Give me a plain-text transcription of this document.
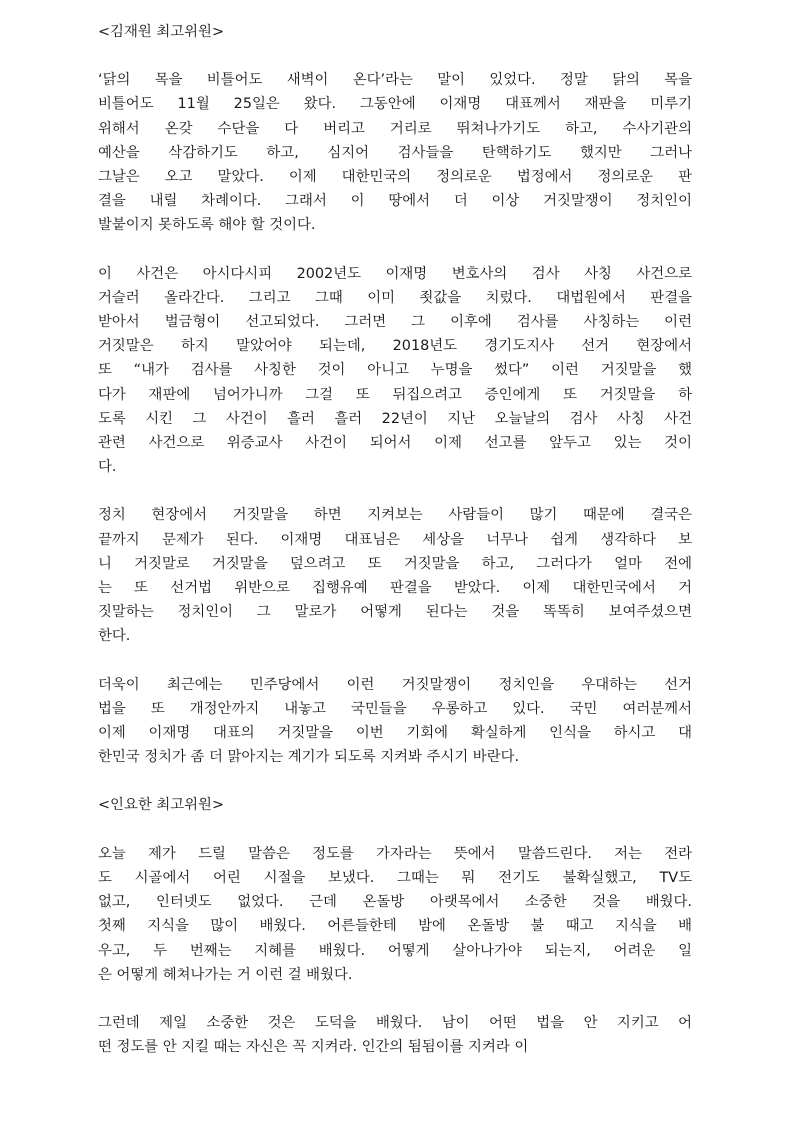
<김재원 최고위원>

‘닭의 목을 비틀어도 새벽이 온다’라는 말이 있었다. 정말 닭의 목을

비틀어도 11월 25일은 왔다. 그동안에 이재명 대표께서 재판을 미루기

위해서 온갖 수단을 다 버리고 거리로 뛰쳐나가기도 하고, 수사기관의

예산을 삭감하기도 하고, 심지어 검사들을 탄핵하기도 했지만 그러나

그날은 오고 말았다. 이제 대한민국의 정의로운 법정에서 정의로운 판

결을 내릴 차례이다. 그래서 이 땅에서 더 이상 거짓말쟁이 정치인이

발붙이지 못하도록 해야 할 것이다.

이 사건은 아시다시피 2002년도 이재명 변호사의 검사 사칭 사건으로

거슬러 올라간다. 그리고 그때 이미 죗값을 치렀다. 대법원에서 판결을

받아서 벌금형이 선고되었다. 그러면 그 이후에 검사를 사칭하는 이런

거짓말은 하지 말았어야 되는데, 2018년도 경기도지사 선거 현장에서

또 “내가 검사를 사칭한 것이 아니고 누명을 썼다” 이런 거짓말을 했

다가 재판에 넘어가니까 그걸 또 뒤집으려고 증인에게 또 거짓말을 하

도록 시킨 그 사건이 흘러 흘러 22년이 지난 오늘날의 검사 사칭 사건

관련 사건으로 위증교사 사건이 되어서 이제 선고를 앞두고 있는 것이

다.

정치 현장에서 거짓말을 하면 지켜보는 사람들이 많기 때문에 결국은

끝까지 문제가 된다. 이재명 대표님은 세상을 너무나 쉽게 생각하다 보

니 거짓말로 거짓말을 덮으려고 또 거짓말을 하고, 그러다가 얼마 전에

는 또 선거법 위반으로 집행유예 판결을 받았다. 이제 대한민국에서 거

짓말하는 정치인이 그 말로가 어떻게 된다는 것을 똑똑히 보여주셨으면

한다.

더욱이 최근에는 민주당에서 이런 거짓말쟁이 정치인을 우대하는 선거

법을 또 개정안까지 내놓고 국민들을 우롱하고 있다. 국민 여러분께서

이제 이재명 대표의 거짓말을 이번 기회에 확실하게 인식을 하시고 대

한민국 정치가 좀 더 맑아지는 계기가 되도록 지켜봐 주시기 바란다.

<인요한 최고위원>

오늘 제가 드릴 말씀은 정도를 가자라는 뜻에서 말씀드린다. 저는 전라

도 시골에서 어린 시절을 보냈다. 그때는 뭐 전기도 불확실했고, TV도

없고, 인터넷도 없었다. 근데 온돌방 아랫목에서 소중한 것을 배웠다.

첫째 지식을 많이 배웠다. 어른들한테 밤에 온돌방 불 때고 지식을 배

우고, 두 번째는 지혜를 배웠다. 어떻게 살아나가야 되는지, 어려운 일

은 어떻게 헤쳐나가는 거 이런 걸 배웠다.

그런데 제일 소중한 것은 도덕을 배웠다. 남이 어떤 법을 안 지키고 어

떤 정도를 안 지킬 때는 자신은 꼭 지켜라. 인간의 됨됨이를 지켜라 이
